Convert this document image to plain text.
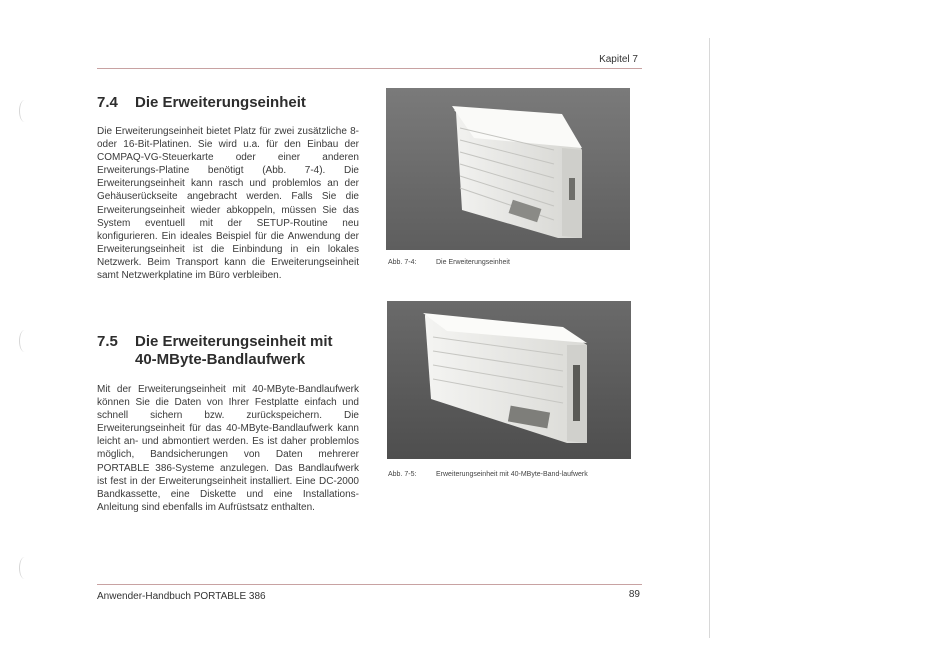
Kapitel 7
7.4 Die Erweiterungseinheit

Die Erweiterungseinheit bietet Platz für zwei zusätzliche 8- oder 16-Bit-Platinen. Sie wird u.a. für den Einbau der COMPAQ-VG-Steuerkarte oder einer anderen Erweiterungs-Platine benötigt (Abb. 7-4). Die Erweiterungseinheit kann rasch und problemlos an der Gehäuserückseite angebracht werden. Falls Sie die Erweiterungseinheit wieder abkoppeln, müssen Sie das System eventuell mit der SETUP-Routine neu konfigurieren. Ein ideales Beispiel für die Anwendung der Erweiterungseinheit ist die Einbindung in ein lokales Netzwerk. Beim Transport kann die Erweiterungseinheit samt Netzwerkplatine im Büro verbleiben.

7.5 Die Erweiterungseinheit mit
40-MByte-Bandlaufwerk

Mit der Erweiterungseinheit mit 40-MByte-Bandlaufwerk können Sie die Daten von Ihrer Festplatte einfach und schnell sichern bzw. zurückspeichern. Die Erweiterungseinheit für das 40-MByte-Bandlaufwerk kann leicht an- und abmontiert werden. Es ist daher problemlos möglich, Bandsicherungen von Daten mehrerer PORTABLE 386-Systeme anzulegen. Das Bandlaufwerk ist fest in der Erweiterungseinheit installiert. Eine DC-2000 Bandkassette, eine Diskette und eine Installations-Anleitung sind ebenfalls im Aufrüstsatz enthalten.

Abb. 7-4:	Die Erweiterungseinheit
Abb. 7-5:	Erweiterungseinheit mit 40-MByte-Band-laufwerk
Anwender-Handbuch PORTABLE 386	89
